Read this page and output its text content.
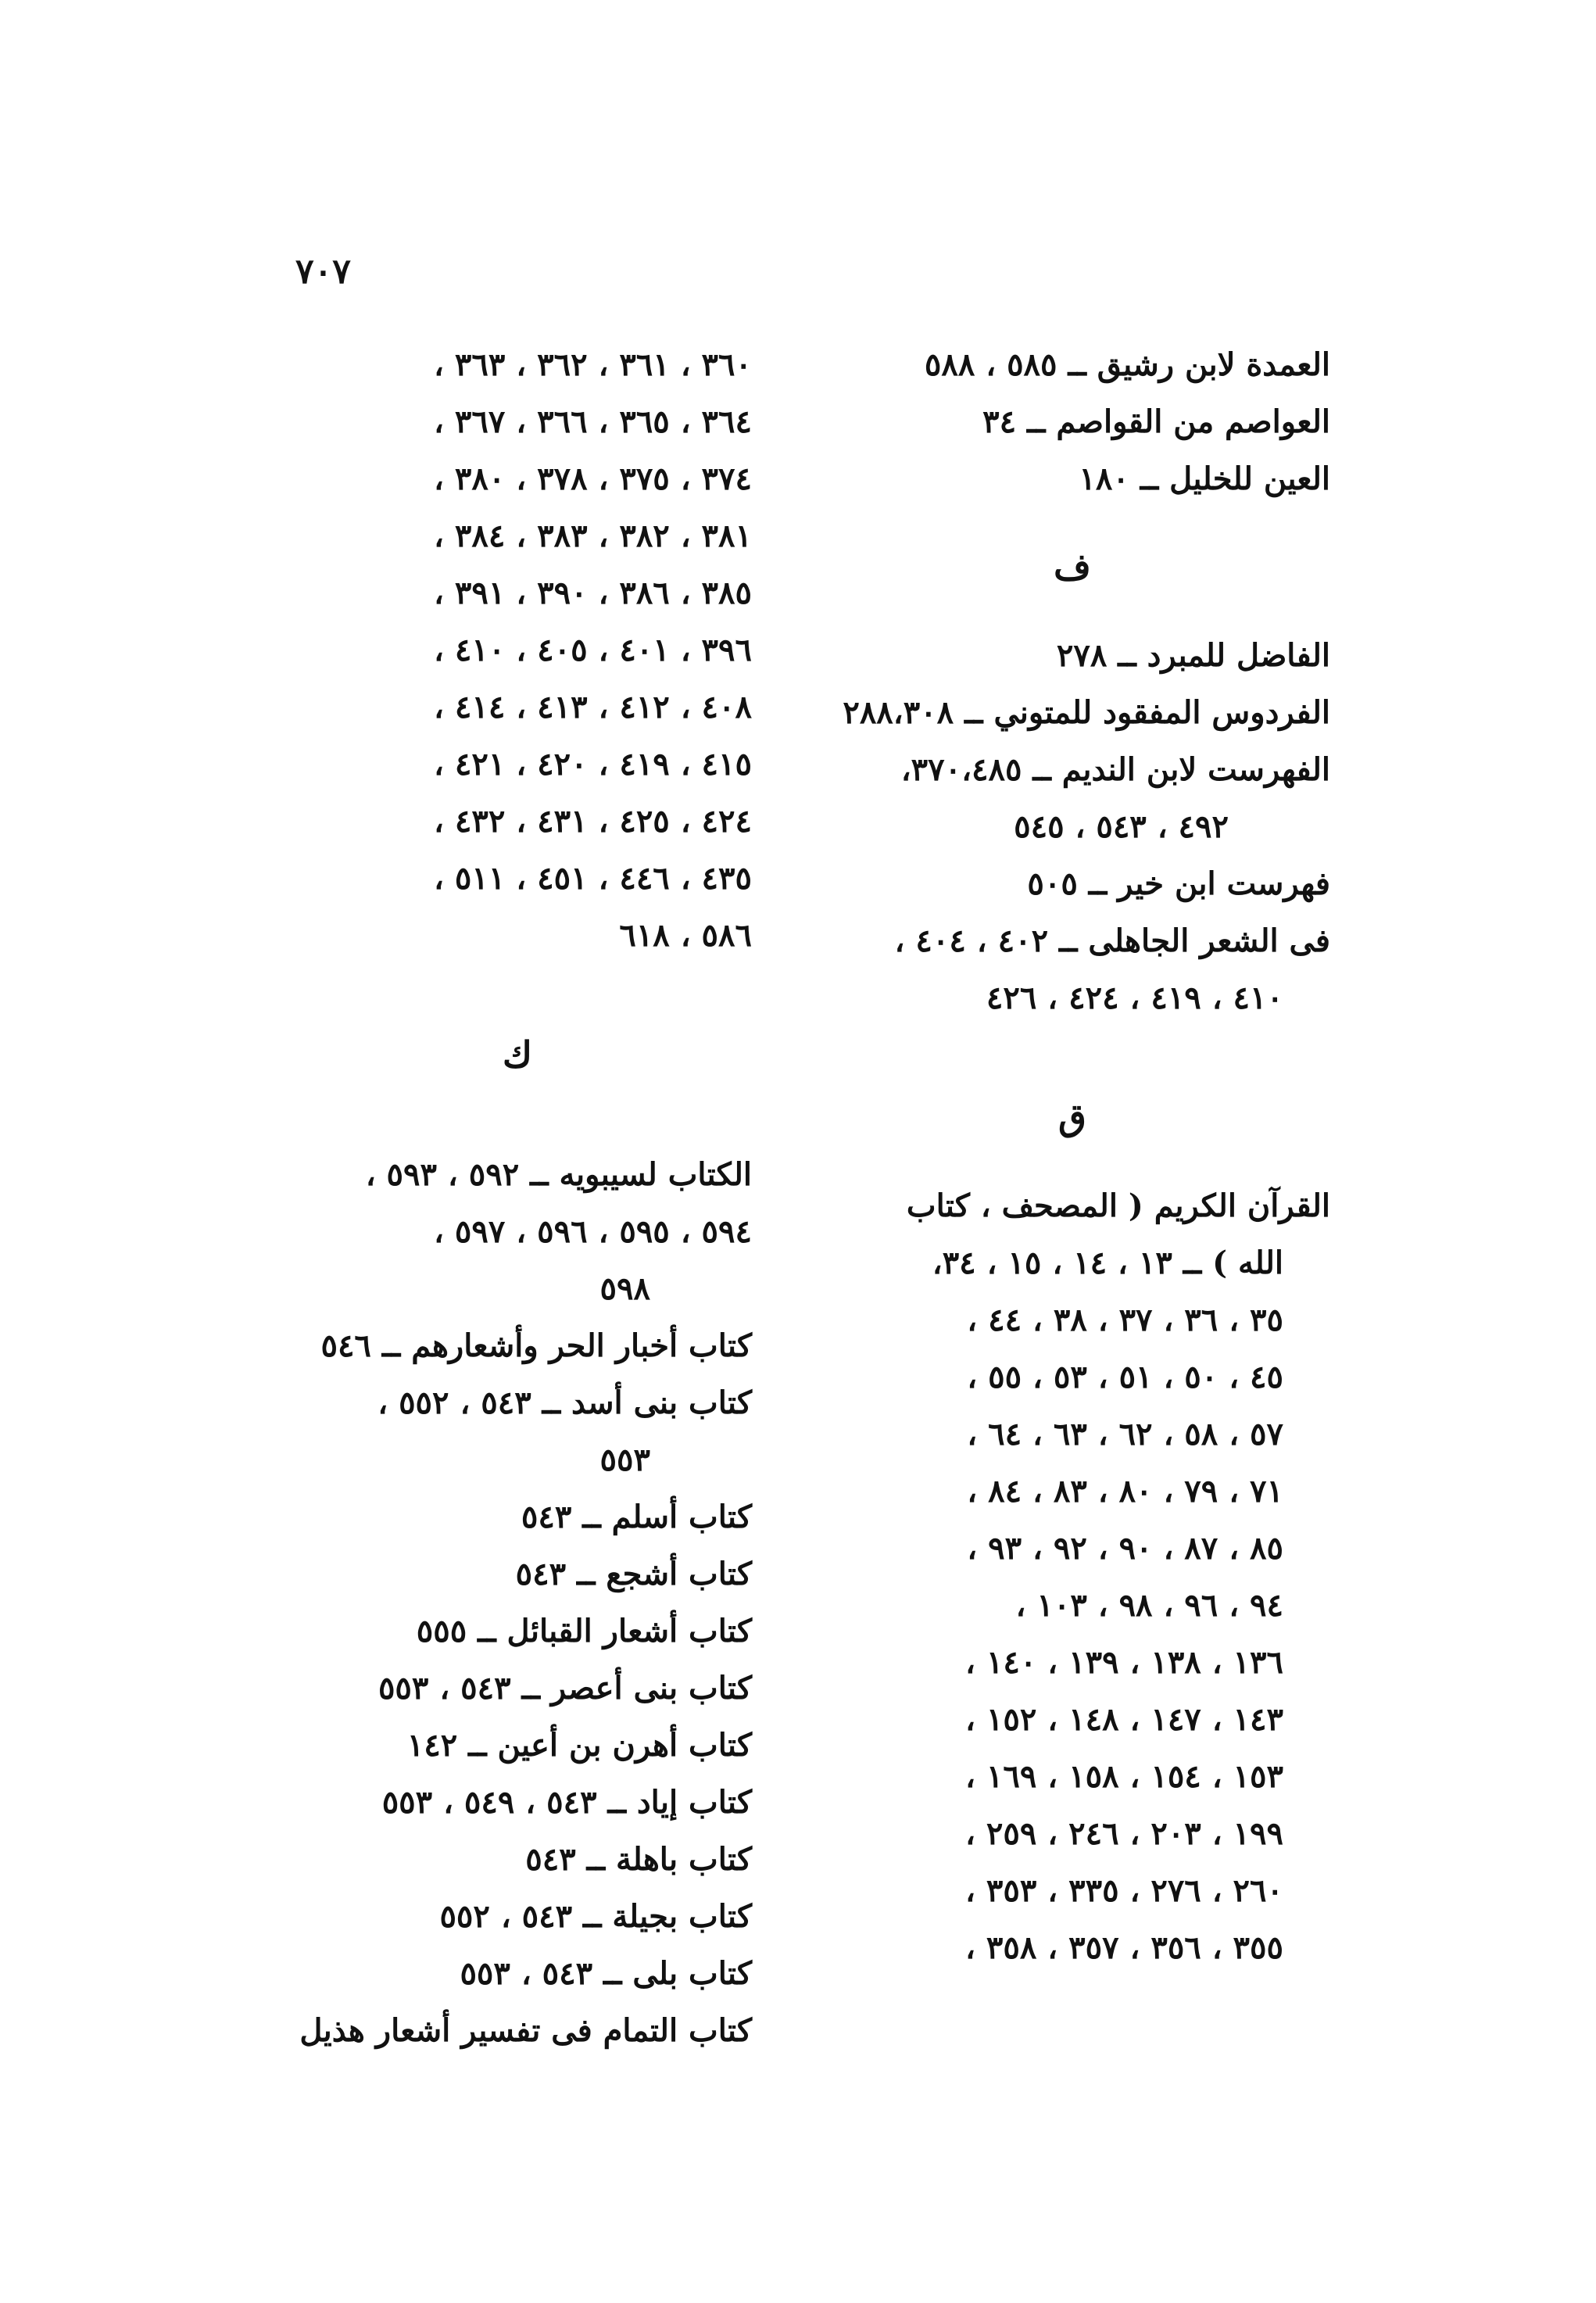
٧٠٧
العمدة لابن رشيق ــ ٥٨٥ ، ٥٨٨
العواصم من القواصم ــ ٣٤
العين للخليل ــ ١٨٠
ف
الفاضل للمبرد ــ ٢٧٨
الفردوس المفقود للمتوني ــ ٢٨٨،٣٠٨
الفهرست لابن النديم ــ ٣٧٠،٤٨٥،
٤٩٢ ، ٥٤٣ ، ٥٤٥
فهرست ابن خير ــ ٥٠٥
فى الشعر الجاهلى ــ ٤٠٢ ، ٤٠٤ ،
٤١٠ ، ٤١٩ ، ٤٢٤ ، ٤٢٦
ق
القرآن الكريم ( المصحف ، كتاب
الله ) ــ ١٣ ، ١٤ ، ١٥ ، ٣٤،
٣٥ ، ٣٦ ، ٣٧ ، ٣٨ ، ٤٤ ،
٤٥ ، ٥٠ ، ٥١ ، ٥٣ ، ٥٥ ،
٥٧ ، ٥٨ ، ٦٢ ، ٦٣ ، ٦٤ ،
٧١ ، ٧٩ ، ٨٠ ، ٨٣ ، ٨٤ ،
٨٥ ، ٨٧ ، ٩٠ ، ٩٢ ، ٩٣ ،
٩٤ ، ٩٦ ، ٩٨ ، ١٠٣ ،
١٣٦ ، ١٣٨ ، ١٣٩ ، ١٤٠ ،
١٤٣ ، ١٤٧ ، ١٤٨ ، ١٥٢ ،
١٥٣ ، ١٥٤ ، ١٥٨ ، ١٦٩ ،
١٩٩ ، ٢٠٣ ، ٢٤٦ ، ٢٥٩ ،
٢٦٠ ، ٢٧٦ ، ٣٣٥ ، ٣٥٣ ،
٣٥٥ ، ٣٥٦ ، ٣٥٧ ، ٣٥٨ ،
٣٦٠ ، ٣٦١ ، ٣٦٢ ، ٣٦٣ ،
٣٦٤ ، ٣٦٥ ، ٣٦٦ ، ٣٦٧ ،
٣٧٤ ، ٣٧٥ ، ٣٧٨ ، ٣٨٠ ،
٣٨١ ، ٣٨٢ ، ٣٨٣ ، ٣٨٤ ،
٣٨٥ ، ٣٨٦ ، ٣٩٠ ، ٣٩١ ،
٣٩٦ ، ٤٠١ ، ٤٠٥ ، ٤١٠ ،
٤٠٨ ، ٤١٢ ، ٤١٣ ، ٤١٤ ،
٤١٥ ، ٤١٩ ، ٤٢٠ ، ٤٢١ ،
٤٢٤ ، ٤٢٥ ، ٤٣١ ، ٤٣٢ ،
٤٣٥ ، ٤٤٦ ، ٤٥١ ، ٥١١ ،
٥٨٦ ، ٦١٨
ك
الكتاب لسيبويه ــ ٥٩٢ ، ٥٩٣ ،
٥٩٤ ، ٥٩٥ ، ٥٩٦ ، ٥٩٧ ،
٥٩٨
كتاب أخبار الحر وأشعارهم ــ ٥٤٦
كتاب بنى أسد ــ ٥٤٣ ، ٥٥٢ ،
٥٥٣
كتاب أسلم ــ ٥٤٣
كتاب أشجع ــ ٥٤٣
كتاب أشعار القبائل ــ ٥٥٥
كتاب بنى أعصر ــ ٥٤٣ ، ٥٥٣
كتاب أهرن بن أعين ــ ١٤٢
كتاب إياد ــ ٥٤٣ ، ٥٤٩ ، ٥٥٣
كتاب باهلة ــ ٥٤٣
كتاب بجيلة ــ ٥٤٣ ، ٥٥٢
كتاب بلى ــ ٥٤٣ ، ٥٥٣
كتاب التمام فى تفسير أشعار هذيل
